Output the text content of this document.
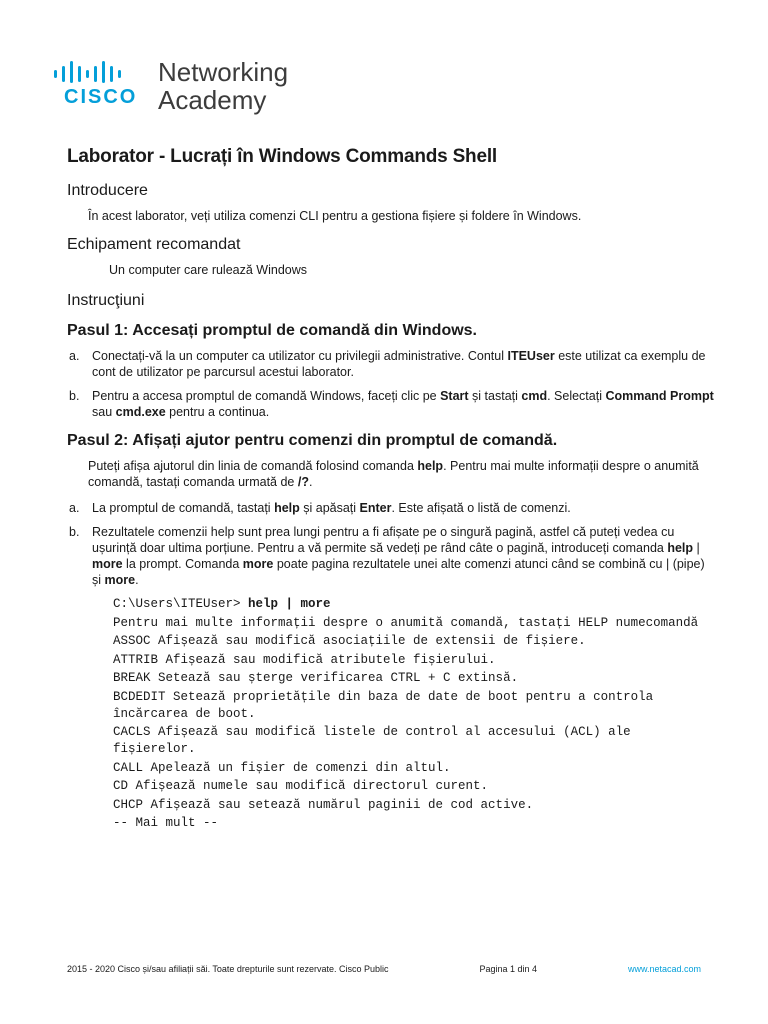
CISCO
Networking
Academy
Laborator - Lucrați în Windows Commands Shell
Introducere

În acest laborator, veți utiliza comenzi CLI pentru a gestiona fișiere și foldere în Windows.

Echipament recomandat
Un computer care rulează Windows
Instrucţiuni
Pasul 1: Accesați promptul de comandă din Windows.
a.	Conectați-vă la un computer ca utilizator cu privilegii administrative. Contul ITEUser este utilizat ca exemplu de cont de utilizator pe parcursul acestui laborator.
b.	Pentru a accesa promptul de comandă Windows, faceți clic pe Start și tastați cmd. Selectați Command Prompt sau cmd.exe pentru a continua.
Pasul 2: Afișați ajutor pentru comenzi din promptul de comandă.

Puteți afișa ajutorul din linia de comandă folosind comanda help. Pentru mai multe informații despre o anumită comandă, tastați comanda urmată de /?.

a.	La promptul de comandă, tastați help și apăsați Enter. Este afișată o listă de comenzi.
b.	Rezultatele comenzii help sunt prea lungi pentru a fi afișate pe o singură pagină, astfel că puteți vedea cu ușurință doar ultima porțiune. Pentru a vă permite să vedeți pe rând câte o pagină, introduceți comanda help | more la prompt. Comanda more poate pagina rezultatele unei alte comenzi atunci când se combină cu | (pipe) și more.
C:\Users\ITEUser> help | more
Pentru mai multe informații despre o anumită comandă, tastați HELP numecomandă
ASSOC Afișează sau modifică asociațiile de extensii de fișiere.
ATTRIB Afișează sau modifică atributele fișierului.
BREAK Setează sau șterge verificarea CTRL + C extinsă.
BCDEDIT Setează proprietățile din baza de date de boot pentru a controla încărcarea de boot.
CACLS Afișează sau modifică listele de control al accesului (ACL) ale fișierelor.
CALL Apelează un fișier de comenzi din altul.
CD Afișează numele sau modifică directorul curent.
CHCP Afișează sau setează numărul paginii de cod active.
-- Mai mult --
2015 - 2020 Cisco și/sau afiliații săi. Toate drepturile sunt rezervate. Cisco Public	Pagina 1 din 4	www.netacad.com
